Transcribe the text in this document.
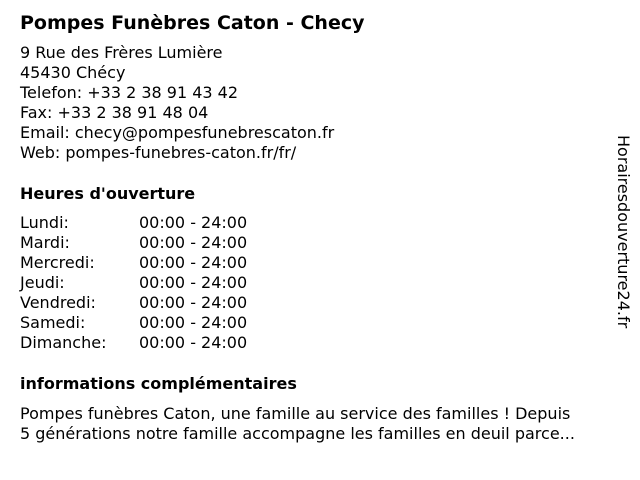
Pompes Funèbres Caton - Checy
9 Rue des Frères Lumière
45430 Chécy
Telefon: +33 2 38 91 43 42
Fax: +33 2 38 91 48 04
Email: checy@pompesfunebrescaton.fr
Web: pompes-funebres-caton.fr/fr/
Heures d'ouverture
Lundi:	00:00 - 24:00
Mardi:	00:00 - 24:00
Mercredi:	00:00 - 24:00
Jeudi:	00:00 - 24:00
Vendredi:	00:00 - 24:00
Samedi:	00:00 - 24:00
Dimanche: 00:00 - 24:00
informations complémentaires
Pompes funèbres Caton, une famille au service des familles ! Depuis
5 générations notre famille accompagne les familles en deuil parce...
Horairesdouverture24.fr
